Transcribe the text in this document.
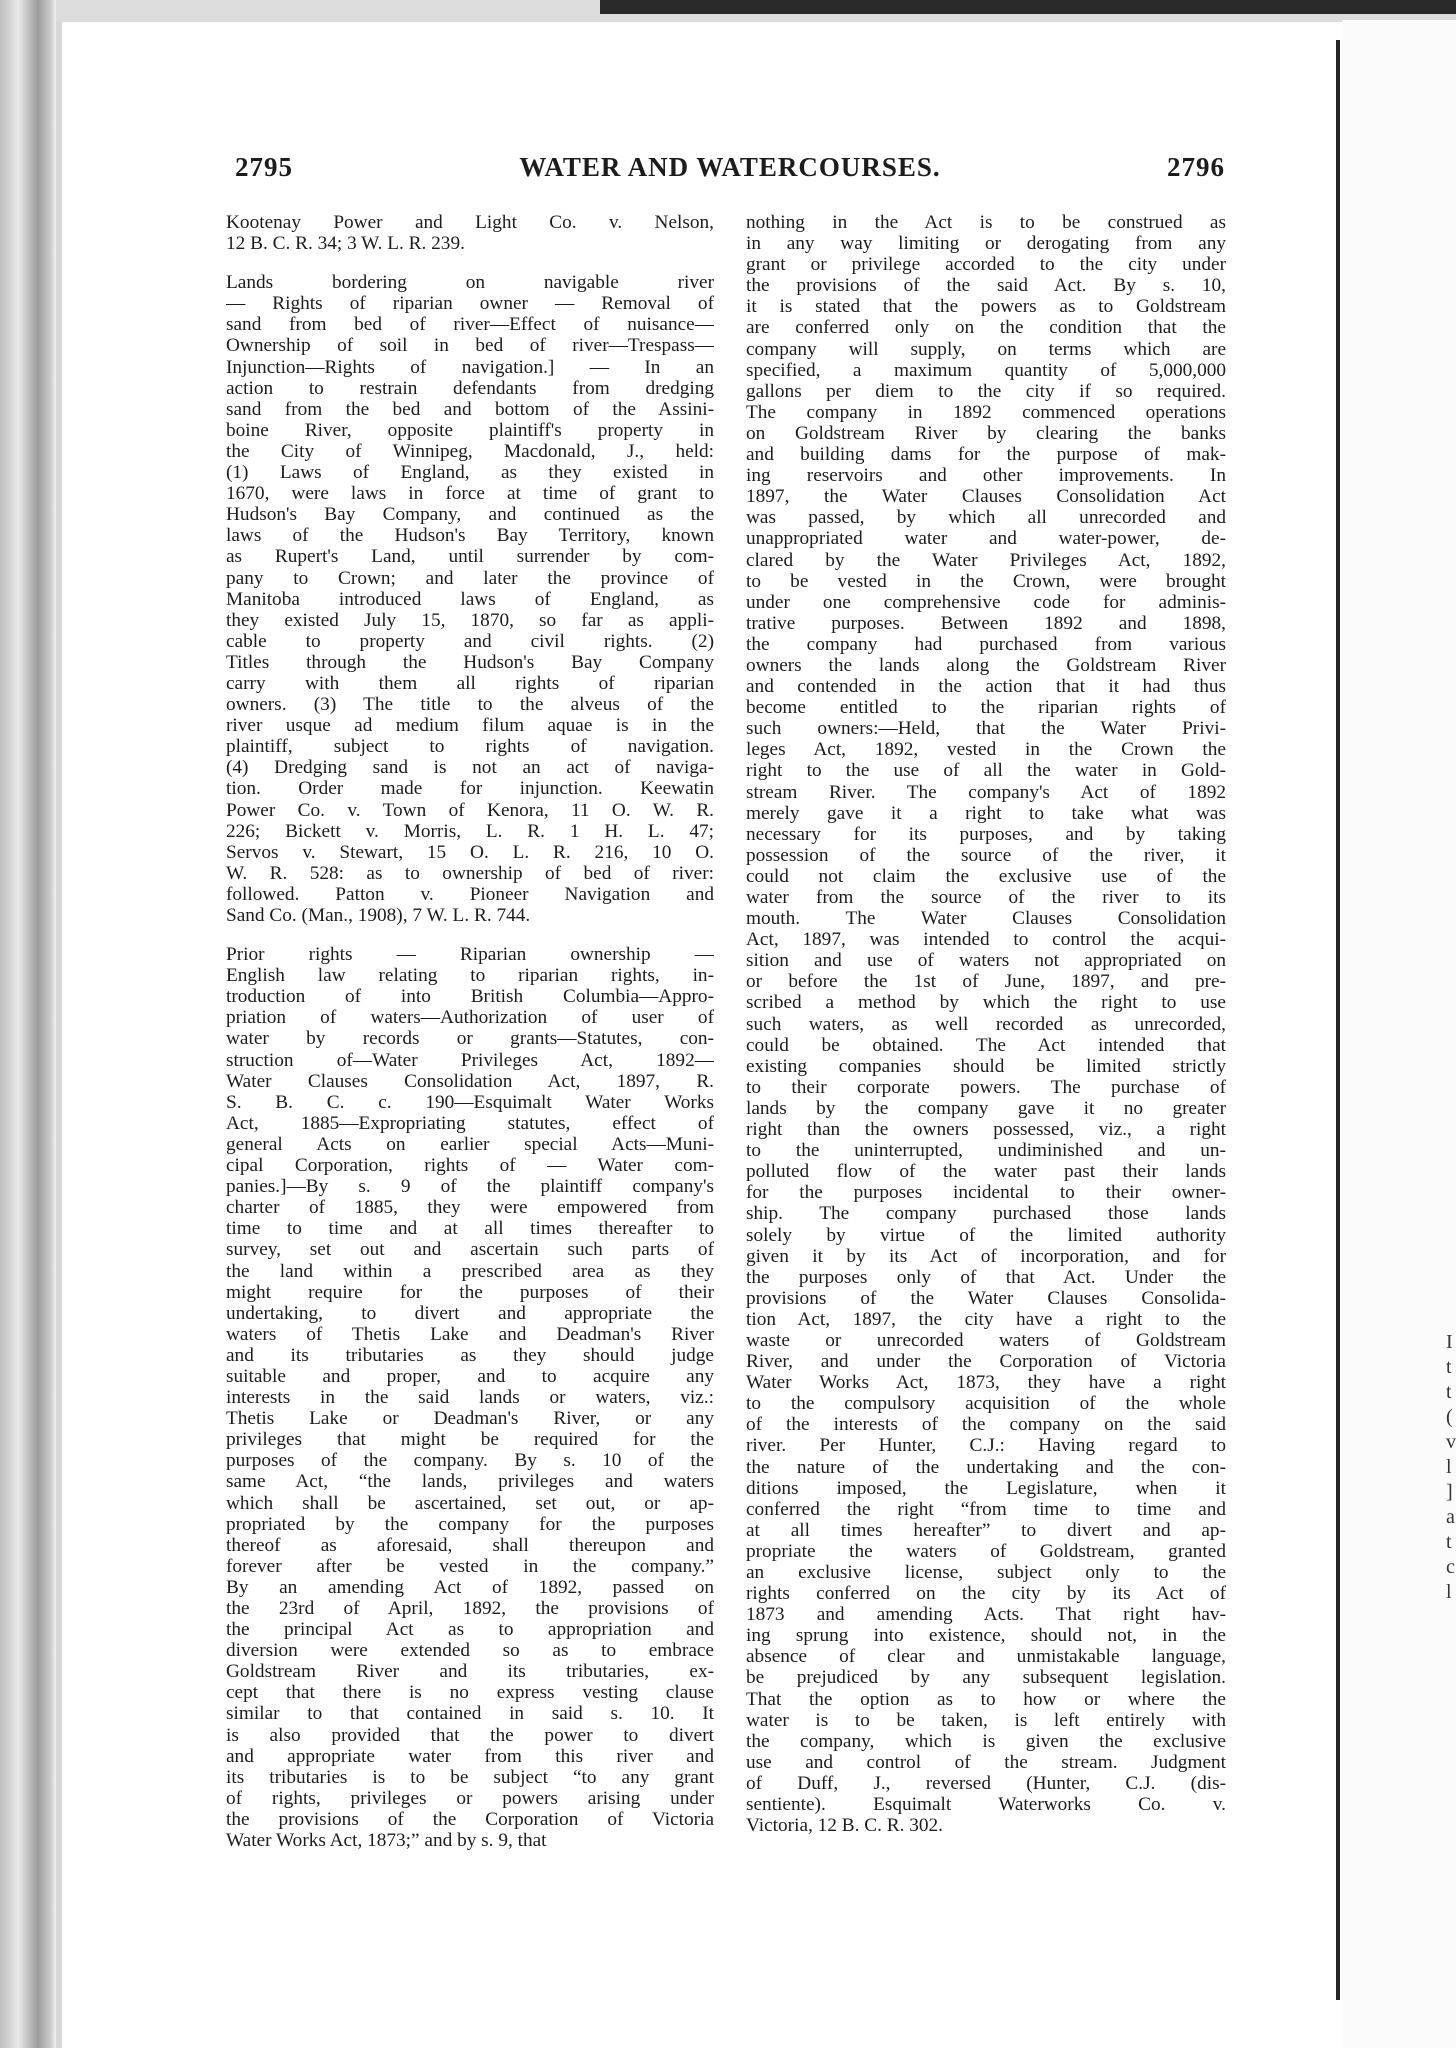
I
t
t
(
v
l
]
a
t
c
l
2795	WATER AND WATERCOURSES.	2796
Kootenay Power and Light Co. v. Nelson,
12 B. C. R. 34; 3 W. L. R. 239.
Lands bordering on navigable river
— Rights of riparian owner — Removal of
sand from bed of river—Effect of nuisance—
Ownership of soil in bed of river—Trespass—
Injunction—Rights of navigation.] — In an
action to restrain defendants from dredging
sand from the bed and bottom of the Assini-
boine River, opposite plaintiff's property in
the City of Winnipeg, Macdonald, J., held:
(1) Laws of England, as they existed in
1670, were laws in force at time of grant to
Hudson's Bay Company, and continued as the
laws of the Hudson's Bay Territory, known
as Rupert's Land, until surrender by com-
pany to Crown; and later the province of
Manitoba introduced laws of England, as
they existed July 15, 1870, so far as appli-
cable to property and civil rights. (2)
Titles through the Hudson's Bay Company
carry with them all rights of riparian
owners. (3) The title to the alveus of the
river usque ad medium filum aquae is in the
plaintiff, subject to rights of navigation.
(4) Dredging sand is not an act of naviga-
tion. Order made for injunction. Keewatin
Power Co. v. Town of Kenora, 11 O. W. R.
226; Bickett v. Morris, L. R. 1 H. L. 47;
Servos v. Stewart, 15 O. L. R. 216, 10 O.
W. R. 528: as to ownership of bed of river:
followed. Patton v. Pioneer Navigation and
Sand Co. (Man., 1908), 7 W. L. R. 744.
Prior rights — Riparian ownership —
English law relating to riparian rights, in-
troduction of into British Columbia—Appro-
priation of waters—Authorization of user of
water by records or grants—Statutes, con-
struction of—Water Privileges Act, 1892—
Water Clauses Consolidation Act, 1897, R.
S. B. C. c. 190—Esquimalt Water Works
Act, 1885—Expropriating statutes, effect of
general Acts on earlier special Acts—Muni-
cipal Corporation, rights of — Water com-
panies.]—By s. 9 of the plaintiff company's
charter of 1885, they were empowered from
time to time and at all times thereafter to
survey, set out and ascertain such parts of
the land within a prescribed area as they
might require for the purposes of their
undertaking, to divert and appropriate the
waters of Thetis Lake and Deadman's River
and its tributaries as they should judge
suitable and proper, and to acquire any
interests in the said lands or waters, viz.:
Thetis Lake or Deadman's River, or any
privileges that might be required for the
purposes of the company. By s. 10 of the
same Act, “the lands, privileges and waters
which shall be ascertained, set out, or ap-
propriated by the company for the purposes
thereof as aforesaid, shall thereupon and
forever after be vested in the company.”
By an amending Act of 1892, passed on
the 23rd of April, 1892, the provisions of
the principal Act as to appropriation and
diversion were extended so as to embrace
Goldstream River and its tributaries, ex-
cept that there is no express vesting clause
similar to that contained in said s. 10. It
is also provided that the power to divert
and appropriate water from this river and
its tributaries is to be subject “to any grant
of rights, privileges or powers arising under
the provisions of the Corporation of Victoria
Water Works Act, 1873;” and by s. 9, that
nothing in the Act is to be construed as
in any way limiting or derogating from any
grant or privilege accorded to the city under
the provisions of the said Act. By s. 10,
it is stated that the powers as to Goldstream
are conferred only on the condition that the
company will supply, on terms which are
specified, a maximum quantity of 5,000,000
gallons per diem to the city if so required.
The company in 1892 commenced operations
on Goldstream River by clearing the banks
and building dams for the purpose of mak-
ing reservoirs and other improvements. In
1897, the Water Clauses Consolidation Act
was passed, by which all unrecorded and
unappropriated water and water-power, de-
clared by the Water Privileges Act, 1892,
to be vested in the Crown, were brought
under one comprehensive code for adminis-
trative purposes. Between 1892 and 1898,
the company had purchased from various
owners the lands along the Goldstream River
and contended in the action that it had thus
become entitled to the riparian rights of
such owners:—Held, that the Water Privi-
leges Act, 1892, vested in the Crown the
right to the use of all the water in Gold-
stream River. The company's Act of 1892
merely gave it a right to take what was
necessary for its purposes, and by taking
possession of the source of the river, it
could not claim the exclusive use of the
water from the source of the river to its
mouth. The Water Clauses Consolidation
Act, 1897, was intended to control the acqui-
sition and use of waters not appropriated on
or before the 1st of June, 1897, and pre-
scribed a method by which the right to use
such waters, as well recorded as unrecorded,
could be obtained. The Act intended that
existing companies should be limited strictly
to their corporate powers. The purchase of
lands by the company gave it no greater
right than the owners possessed, viz., a right
to the uninterrupted, undiminished and un-
polluted flow of the water past their lands
for the purposes incidental to their owner-
ship. The company purchased those lands
solely by virtue of the limited authority
given it by its Act of incorporation, and for
the purposes only of that Act. Under the
provisions of the Water Clauses Consolida-
tion Act, 1897, the city have a right to the
waste or unrecorded waters of Goldstream
River, and under the Corporation of Victoria
Water Works Act, 1873, they have a right
to the compulsory acquisition of the whole
of the interests of the company on the said
river. Per Hunter, C.J.: Having regard to
the nature of the undertaking and the con-
ditions imposed, the Legislature, when it
conferred the right “from time to time and
at all times hereafter” to divert and ap-
propriate the waters of Goldstream, granted
an exclusive license, subject only to the
rights conferred on the city by its Act of
1873 and amending Acts. That right hav-
ing sprung into existence, should not, in the
absence of clear and unmistakable language,
be prejudiced by any subsequent legislation.
That the option as to how or where the
water is to be taken, is left entirely with
the company, which is given the exclusive
use and control of the stream. Judgment
of Duff, J., reversed (Hunter, C.J. (dis-
sentiente). Esquimalt Waterworks Co. v.
Victoria, 12 B. C. R. 302.
